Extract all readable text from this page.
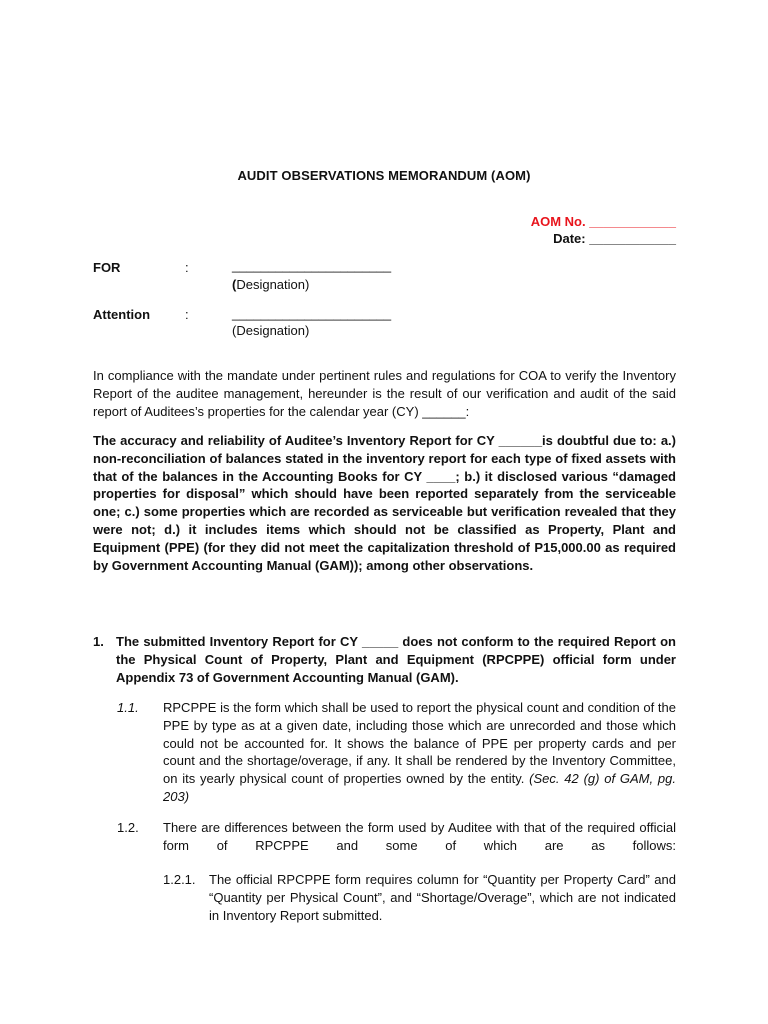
AUDIT OBSERVATIONS MEMORANDUM (AOM)
AOM No. ____________
Date: ____________
FOR	:	______________________
(Designation)
Attention	:	______________________
(Designation)
In compliance with the mandate under pertinent rules and regulations for COA to verify the Inventory Report of the auditee management, hereunder is the result of our verification and audit of the said report of Auditees’s properties for the calendar year (CY) ______:
The accuracy and reliability of Auditee’s Inventory Report for CY ______is doubtful due to: a.) non-reconciliation of balances stated in the inventory report for each type of fixed assets with that of the balances in the Accounting Books for CY ____; b.) it disclosed various “damaged properties for disposal” which should have been reported separately from the serviceable one; c.) some properties which are recorded as serviceable but verification revealed that they were not; d.) it includes items which should not be classified as Property, Plant and Equipment (PPE) (for they did not meet the capitalization threshold of P15,000.00 as required by Government Accounting Manual (GAM)); among other observations.
1. The submitted Inventory Report for CY _____ does not conform to the required Report on the Physical Count of Property, Plant and Equipment (RPCPPE) official form under Appendix 73 of Government Accounting Manual (GAM).
1.1. RPCPPE is the form which shall be used to report the physical count and condition of the PPE by type as at a given date, including those which are unrecorded and those which could not be accounted for. It shows the balance of PPE per property cards and per count and the shortage/overage, if any. It shall be rendered by the Inventory Committee, on its yearly physical count of properties owned by the entity. (Sec. 42 (g) of GAM, pg. 203)
1.2. There are differences between the form used by Auditee with that of the required official form of RPCPPE and some of which are as follows:
1.2.1. The official RPCPPE form requires column for “Quantity per Property Card” and “Quantity per Physical Count”, and “Shortage/Overage”, which are not indicated in Inventory Report submitted.
